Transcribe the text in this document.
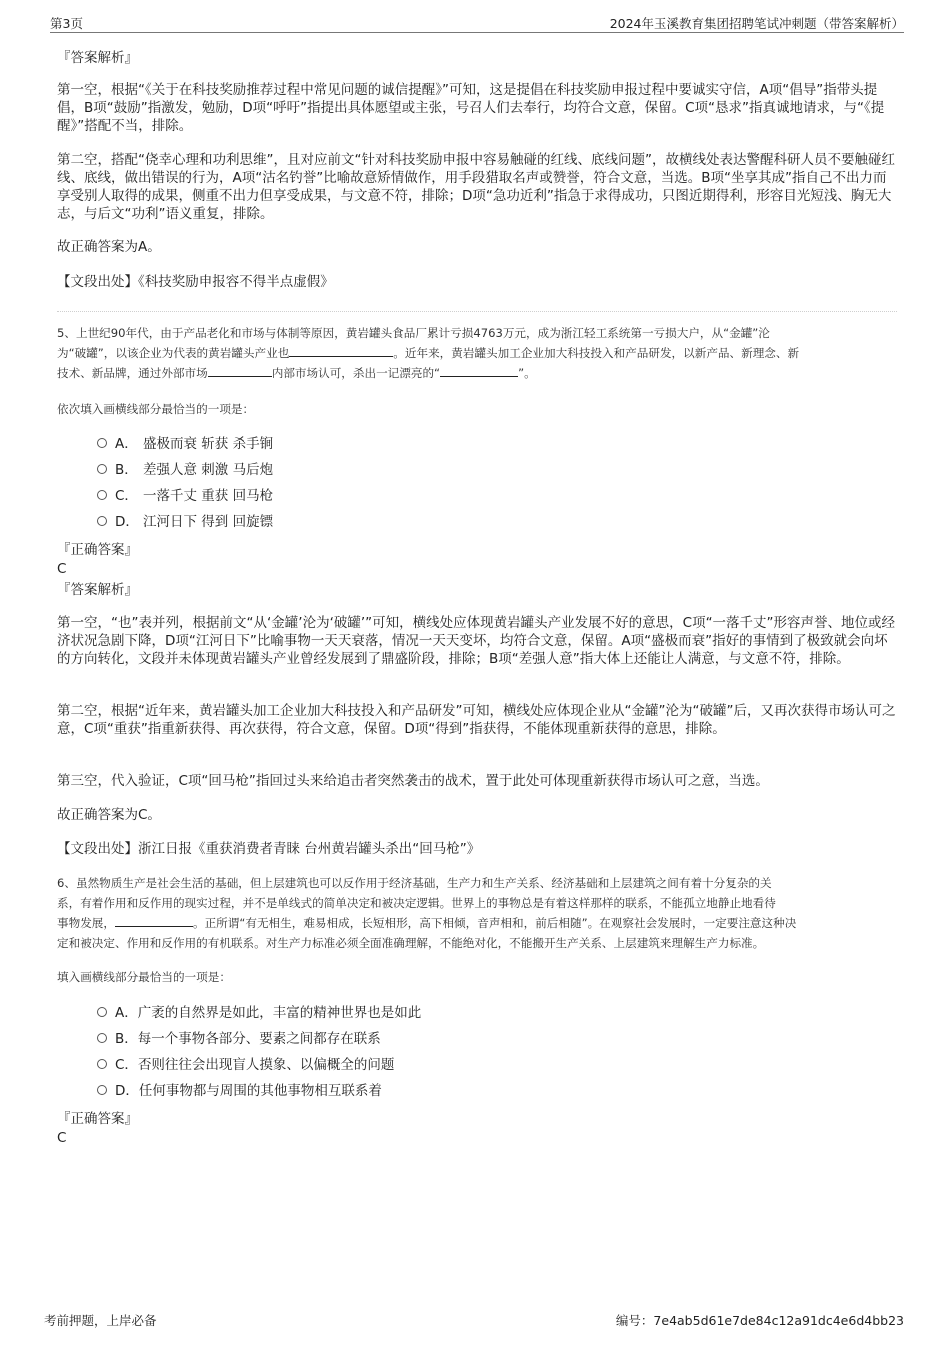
第3页	2024年玉溪教育集团招聘笔试冲刺题（带答案解析）
『答案解析』
第一空，根据“《关于在科技奖励推荐过程中常见问题的诚信提醒》”可知，这是提倡在科技奖励申报过程中要诚实守信，A项“倡导”指带头提倡，B项“鼓励”指激发，勉励，D项“呼吁”指提出具体愿望或主张，号召人们去奉行，均符合文意，保留。C项“恳求”指真诚地请求，与“《提醒》”搭配不当，排除。
第二空，搭配“侥幸心理和功利思维”，且对应前文“针对科技奖励申报中容易触碰的红线、底线问题”，故横线处表达警醒科研人员不要触碰红线、底线，做出错误的行为，A项“沽名钓誉”比喻故意矫情做作，用手段猎取名声或赞誉，符合文意，当选。B项“坐享其成”指自己不出力而享受别人取得的成果，侧重不出力但享受成果，与文意不符，排除；D项“急功近利”指急于求得成功，只图近期得利，形容目光短浅、胸无大志，与后文“功利”语义重复，排除。
故正确答案为A。
【文段出处】《科技奖励申报容不得半点虚假》
5、上世纪90年代，由于产品老化和市场与体制等原因，黄岩罐头食品厂累计亏损4763万元，成为浙江轻工系统第一亏损大户，从“金罐”沦
为“破罐”，以该企业为代表的黄岩罐头产业也	。近年来，黄岩罐头加工企业加大科技投入和产品研发，以新产品、新理念、新
技术、新品牌，通过外部市场	内部市场认可，杀出一记漂亮的“	”。
依次填入画横线部分最恰当的一项是：
A． 盛极而衰 斩获 杀手锏
B． 差强人意 刺激 马后炮
C． 一落千丈 重获 回马枪
D． 江河日下 得到 回旋镖
『正确答案』
C
『答案解析』
第一空，“也”表并列，根据前文“从‘金罐’沦为‘破罐’”可知，横线处应体现黄岩罐头产业发展不好的意思，C项“一落千丈”形容声誉、地位或经济状况急剧下降，D项“江河日下”比喻事物一天天衰落，情况一天天变坏，均符合文意，保留。A项“盛极而衰”指好的事情到了极致就会向坏的方向转化，文段并未体现黄岩罐头产业曾经发展到了鼎盛阶段，排除；B项“差强人意”指大体上还能让人满意，与文意不符，排除。
第二空，根据“近年来，黄岩罐头加工企业加大科技投入和产品研发”可知，横线处应体现企业从“金罐”沦为“破罐”后，又再次获得市场认可之意，C项“重获”指重新获得、再次获得，符合文意，保留。D项“得到”指获得，不能体现重新获得的意思，排除。
第三空，代入验证，C项“回马枪”指回过头来给追击者突然袭击的战术，置于此处可体现重新获得市场认可之意，当选。
故正确答案为C。
【文段出处】浙江日报《重获消费者青睐 台州黄岩罐头杀出“回马枪”》
6、虽然物质生产是社会生活的基础，但上层建筑也可以反作用于经济基础，生产力和生产关系、经济基础和上层建筑之间有着十分复杂的关
系，有着作用和反作用的现实过程，并不是单线式的简单决定和被决定逻辑。世界上的事物总是有着这样那样的联系，不能孤立地静止地看待
事物发展，	。正所谓“有无相生，难易相成，长短相形，高下相倾，音声相和，前后相随”。在观察社会发展时，一定要注意这种决
定和被决定、作用和反作用的有机联系。对生产力标准必须全面准确理解，不能绝对化，不能搬开生产关系、上层建筑来理解生产力标准。
填入画横线部分最恰当的一项是：
A．广袤的自然界是如此，丰富的精神世界也是如此
B．每一个事物各部分、要素之间都存在联系
C．否则往往会出现盲人摸象、以偏概全的问题
D．任何事物都与周围的其他事物相互联系着
『正确答案』
C
考前押题，上岸必备	编号：7e4ab5d61e7de84c12a91dc4e6d4bb23
